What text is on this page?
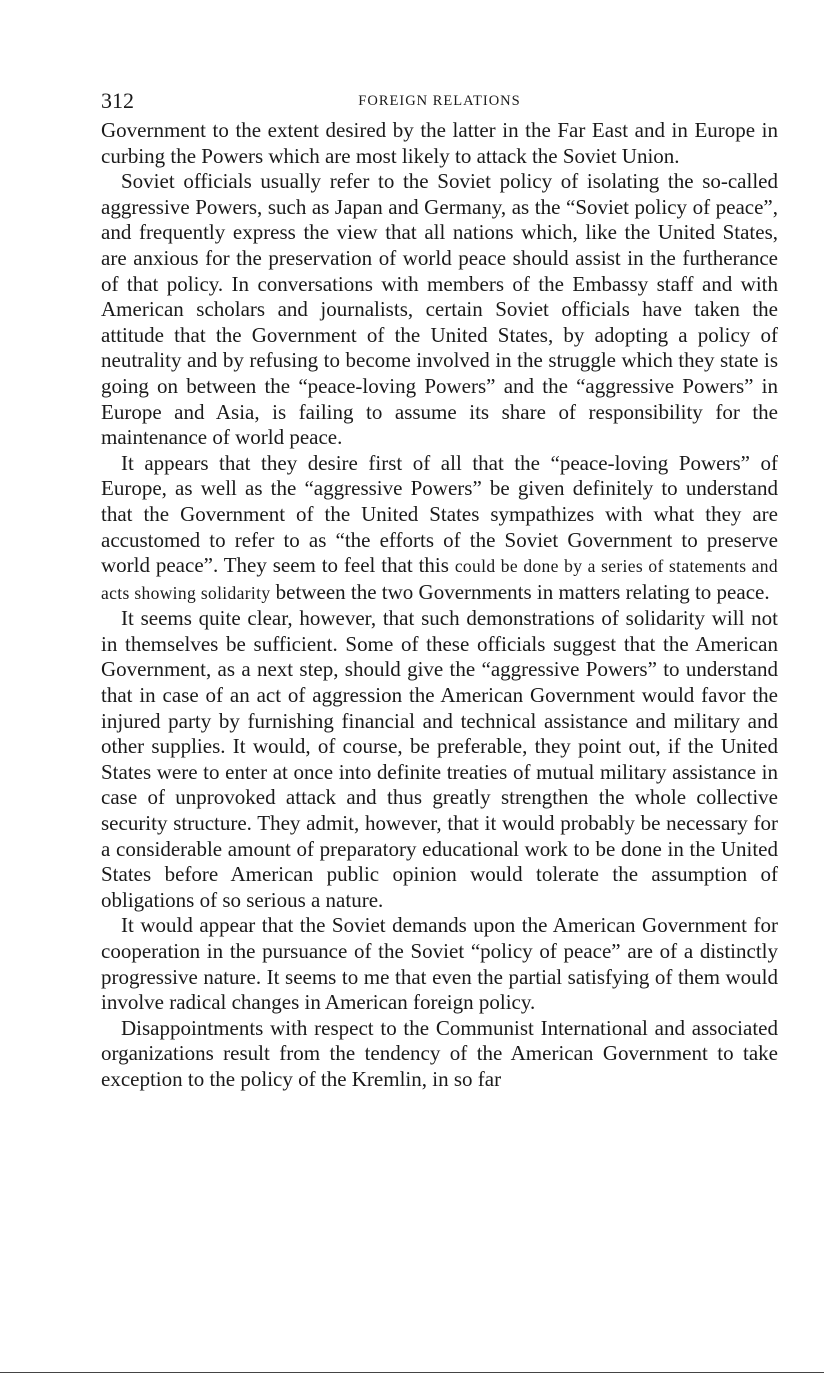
312	FOREIGN RELATIONS

Government to the extent desired by the latter in the Far East and in Europe in curbing the Powers which are most likely to attack the Soviet Union.

Soviet officials usually refer to the Soviet policy of isolating the so-called aggressive Powers, such as Japan and Germany, as the “Soviet policy of peace”, and frequently express the view that all nations which, like the United States, are anxious for the preservation of world peace should assist in the furtherance of that policy. In conversations with members of the Embassy staff and with American scholars and journalists, certain Soviet officials have taken the attitude that the Government of the United States, by adopting a policy of neutrality and by refusing to become involved in the struggle which they state is going on between the “peace-loving Powers” and the “aggressive Powers” in Europe and Asia, is failing to assume its share of responsibility for the maintenance of world peace.

It appears that they desire first of all that the “peace-loving Powers” of Europe, as well as the “aggressive Powers” be given definitely to understand that the Government of the United States sympathizes with what they are accustomed to refer to as “the efforts of the Soviet Government to preserve world peace”. They seem to feel that this could be done by a series of statements and acts showing solidarity between the two Governments in matters relating to peace.

It seems quite clear, however, that such demonstrations of solidarity will not in themselves be sufficient. Some of these officials suggest that the American Government, as a next step, should give the “aggressive Powers” to understand that in case of an act of aggression the American Government would favor the injured party by furnishing financial and technical assistance and military and other supplies. It would, of course, be preferable, they point out, if the United States were to enter at once into definite treaties of mutual military assistance in case of unprovoked attack and thus greatly strengthen the whole collective security structure. They admit, however, that it would probably be necessary for a considerable amount of preparatory educational work to be done in the United States before American public opinion would tolerate the assumption of obligations of so serious a nature.

It would appear that the Soviet demands upon the American Government for cooperation in the pursuance of the Soviet “policy of peace” are of a distinctly progressive nature. It seems to me that even the partial satisfying of them would involve radical changes in American foreign policy.

Disappointments with respect to the Communist International and associated organizations result from the tendency of the American Government to take exception to the policy of the Kremlin, in so far
